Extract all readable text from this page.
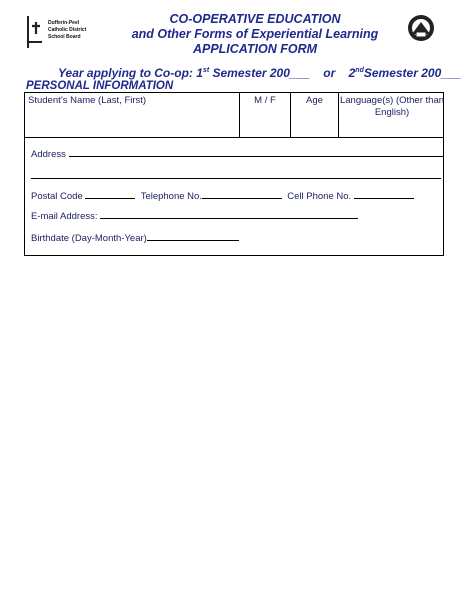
Dufferin-Peel
Catholic District
School Board
CO-OPERATIVE EDUCATION
and Other Forms of Experiential Learning
APPLICATION FORM
Year applying to Co-op: 1st Semester 200___ or 2ndSemester 200___
PERSONAL INFORMATION
Student’s Name (Last, First)	M / F	Age	Language(s) (Other than English)
Address
Postal Code	Telephone No.	Cell Phone No.
E-mail Address:
Birthdate (Day-Month-Year)
